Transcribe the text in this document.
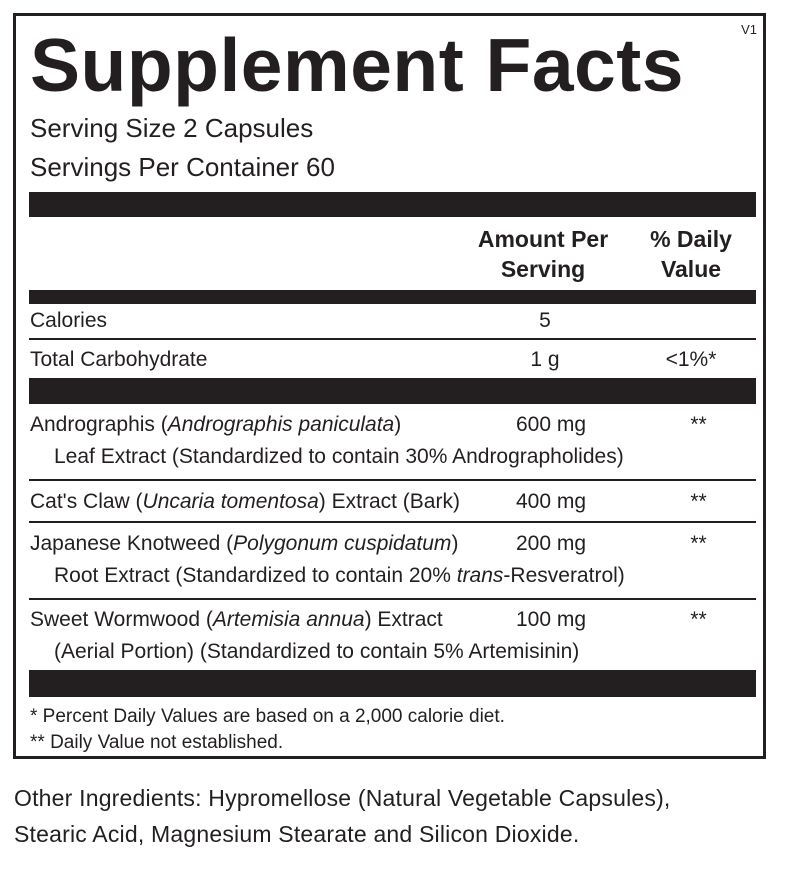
Supplement Facts	V1
Serving Size 2 Capsules
Servings Per Container 60
Amount Per
Serving
% Daily
Value
Calories	5
Total Carbohydrate	1 g	<1%*
Andrographis (Andrographis paniculata)
Leaf Extract (Standardized to contain 30% Andrographolides)
600 mg	**
Cat's Claw (Uncaria tomentosa) Extract (Bark)	400 mg	**
Japanese Knotweed (Polygonum cuspidatum)
Root Extract (Standardized to contain 20% trans-Resveratrol)
200 mg	**
Sweet Wormwood (Artemisia annua) Extract
(Aerial Portion) (Standardized to contain 5% Artemisinin)
100 mg	**
* Percent Daily Values are based on a 2,000 calorie diet.
** Daily Value not established.
Other Ingredients: Hypromellose (Natural Vegetable Capsules),
Stearic Acid, Magnesium Stearate and Silicon Dioxide.
